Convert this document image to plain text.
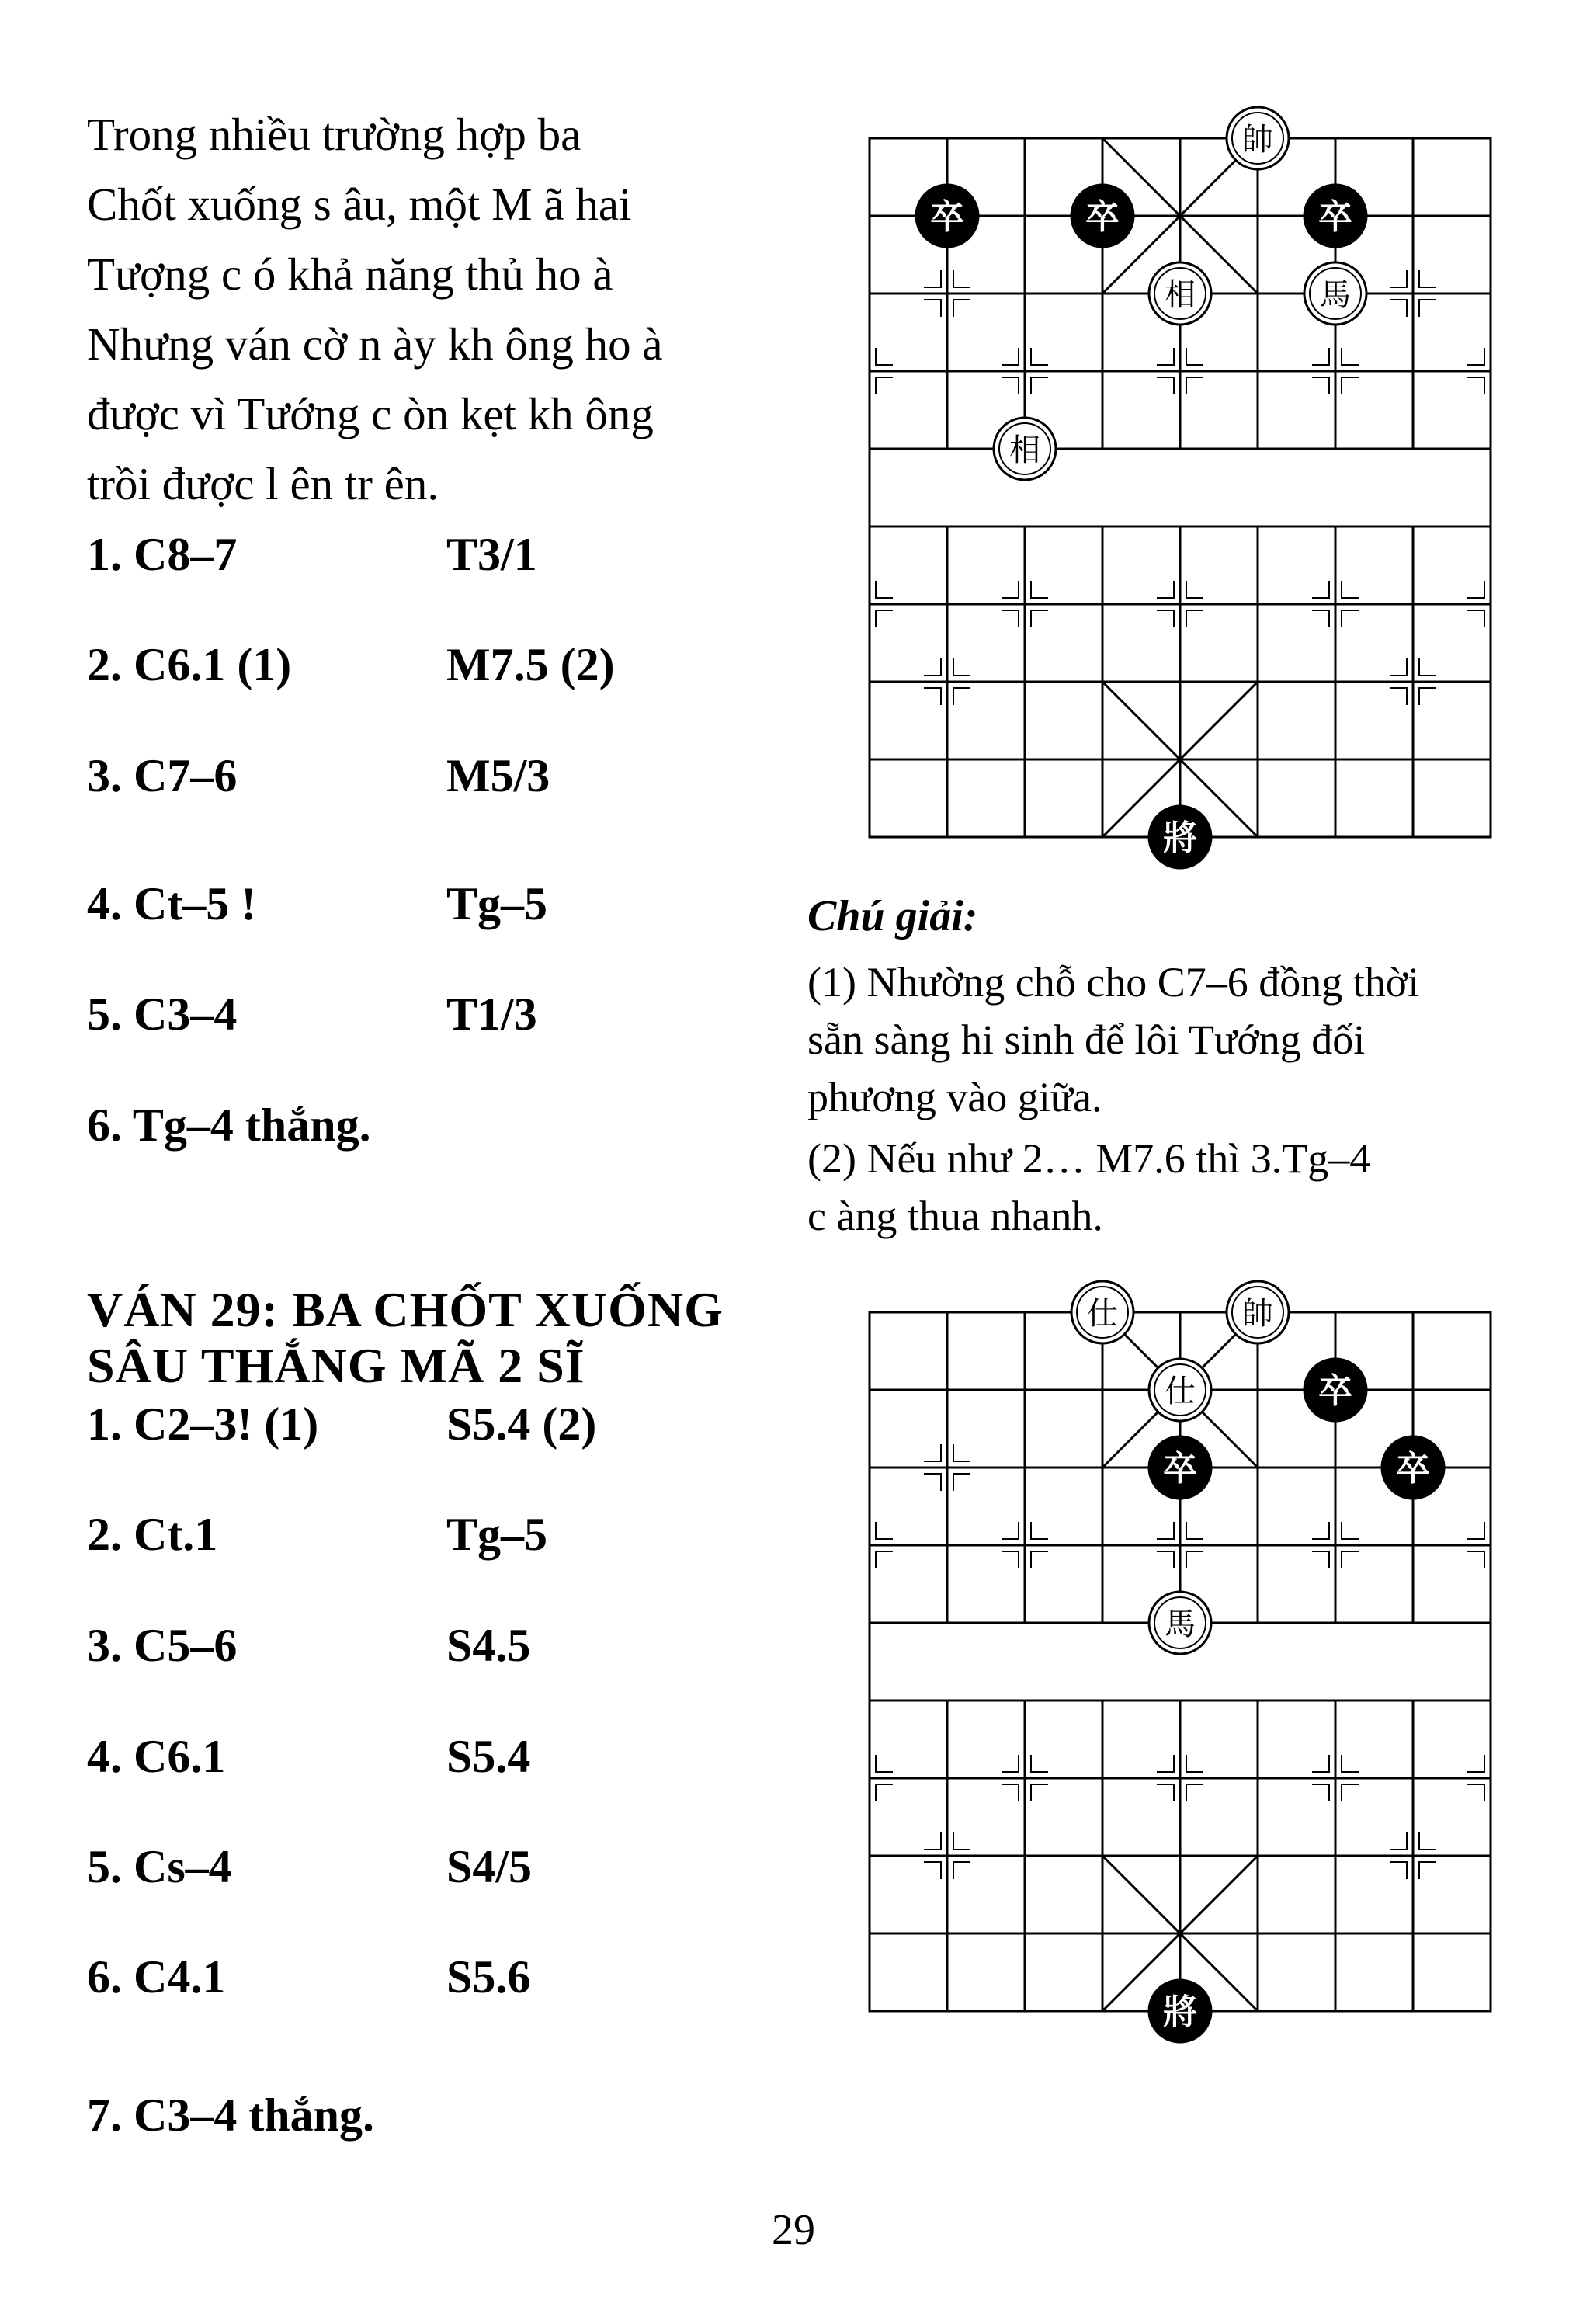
Trong nhiều trường hợp ba
Chốt xuống s âu, một M ã hai
Tượng c ó khả năng thủ ho à
Nhưng ván cờ n ày kh ông ho à
được vì Tướng c òn kẹt kh ông
trồi được l ên tr ên.
1. C8–7	T3/1
2. C6.1 (1)	M7.5 (2)
3. C7–6	M5/3
4. Ct–5 !	Tg–5
5. C3–4	T1/3
6. Tg–4 thắng.
帥
卒	卒	卒
相	馬
相
將
Chú giải:
(1) Nhường chỗ cho C7–6 đồng thời
sẵn sàng hi sinh để lôi Tướng đối
phương vào giữa.
(2) Nếu như 2… M7.6 thì 3.Tg–4
c àng thua nhanh.
VÁN 29: BA CHỐT XUỐNG
SÂU THẮNG MÃ 2 SĨ
1. C2–3! (1)	S5.4 (2)
2. Ct.1	Tg–5
3. C5–6	S4.5
4. C6.1	S5.4
5. Cs–4	S4/5
6. C4.1	S5.6
7. C3–4 thắng.
仕	帥
仕	卒
卒	卒
馬
將
29
